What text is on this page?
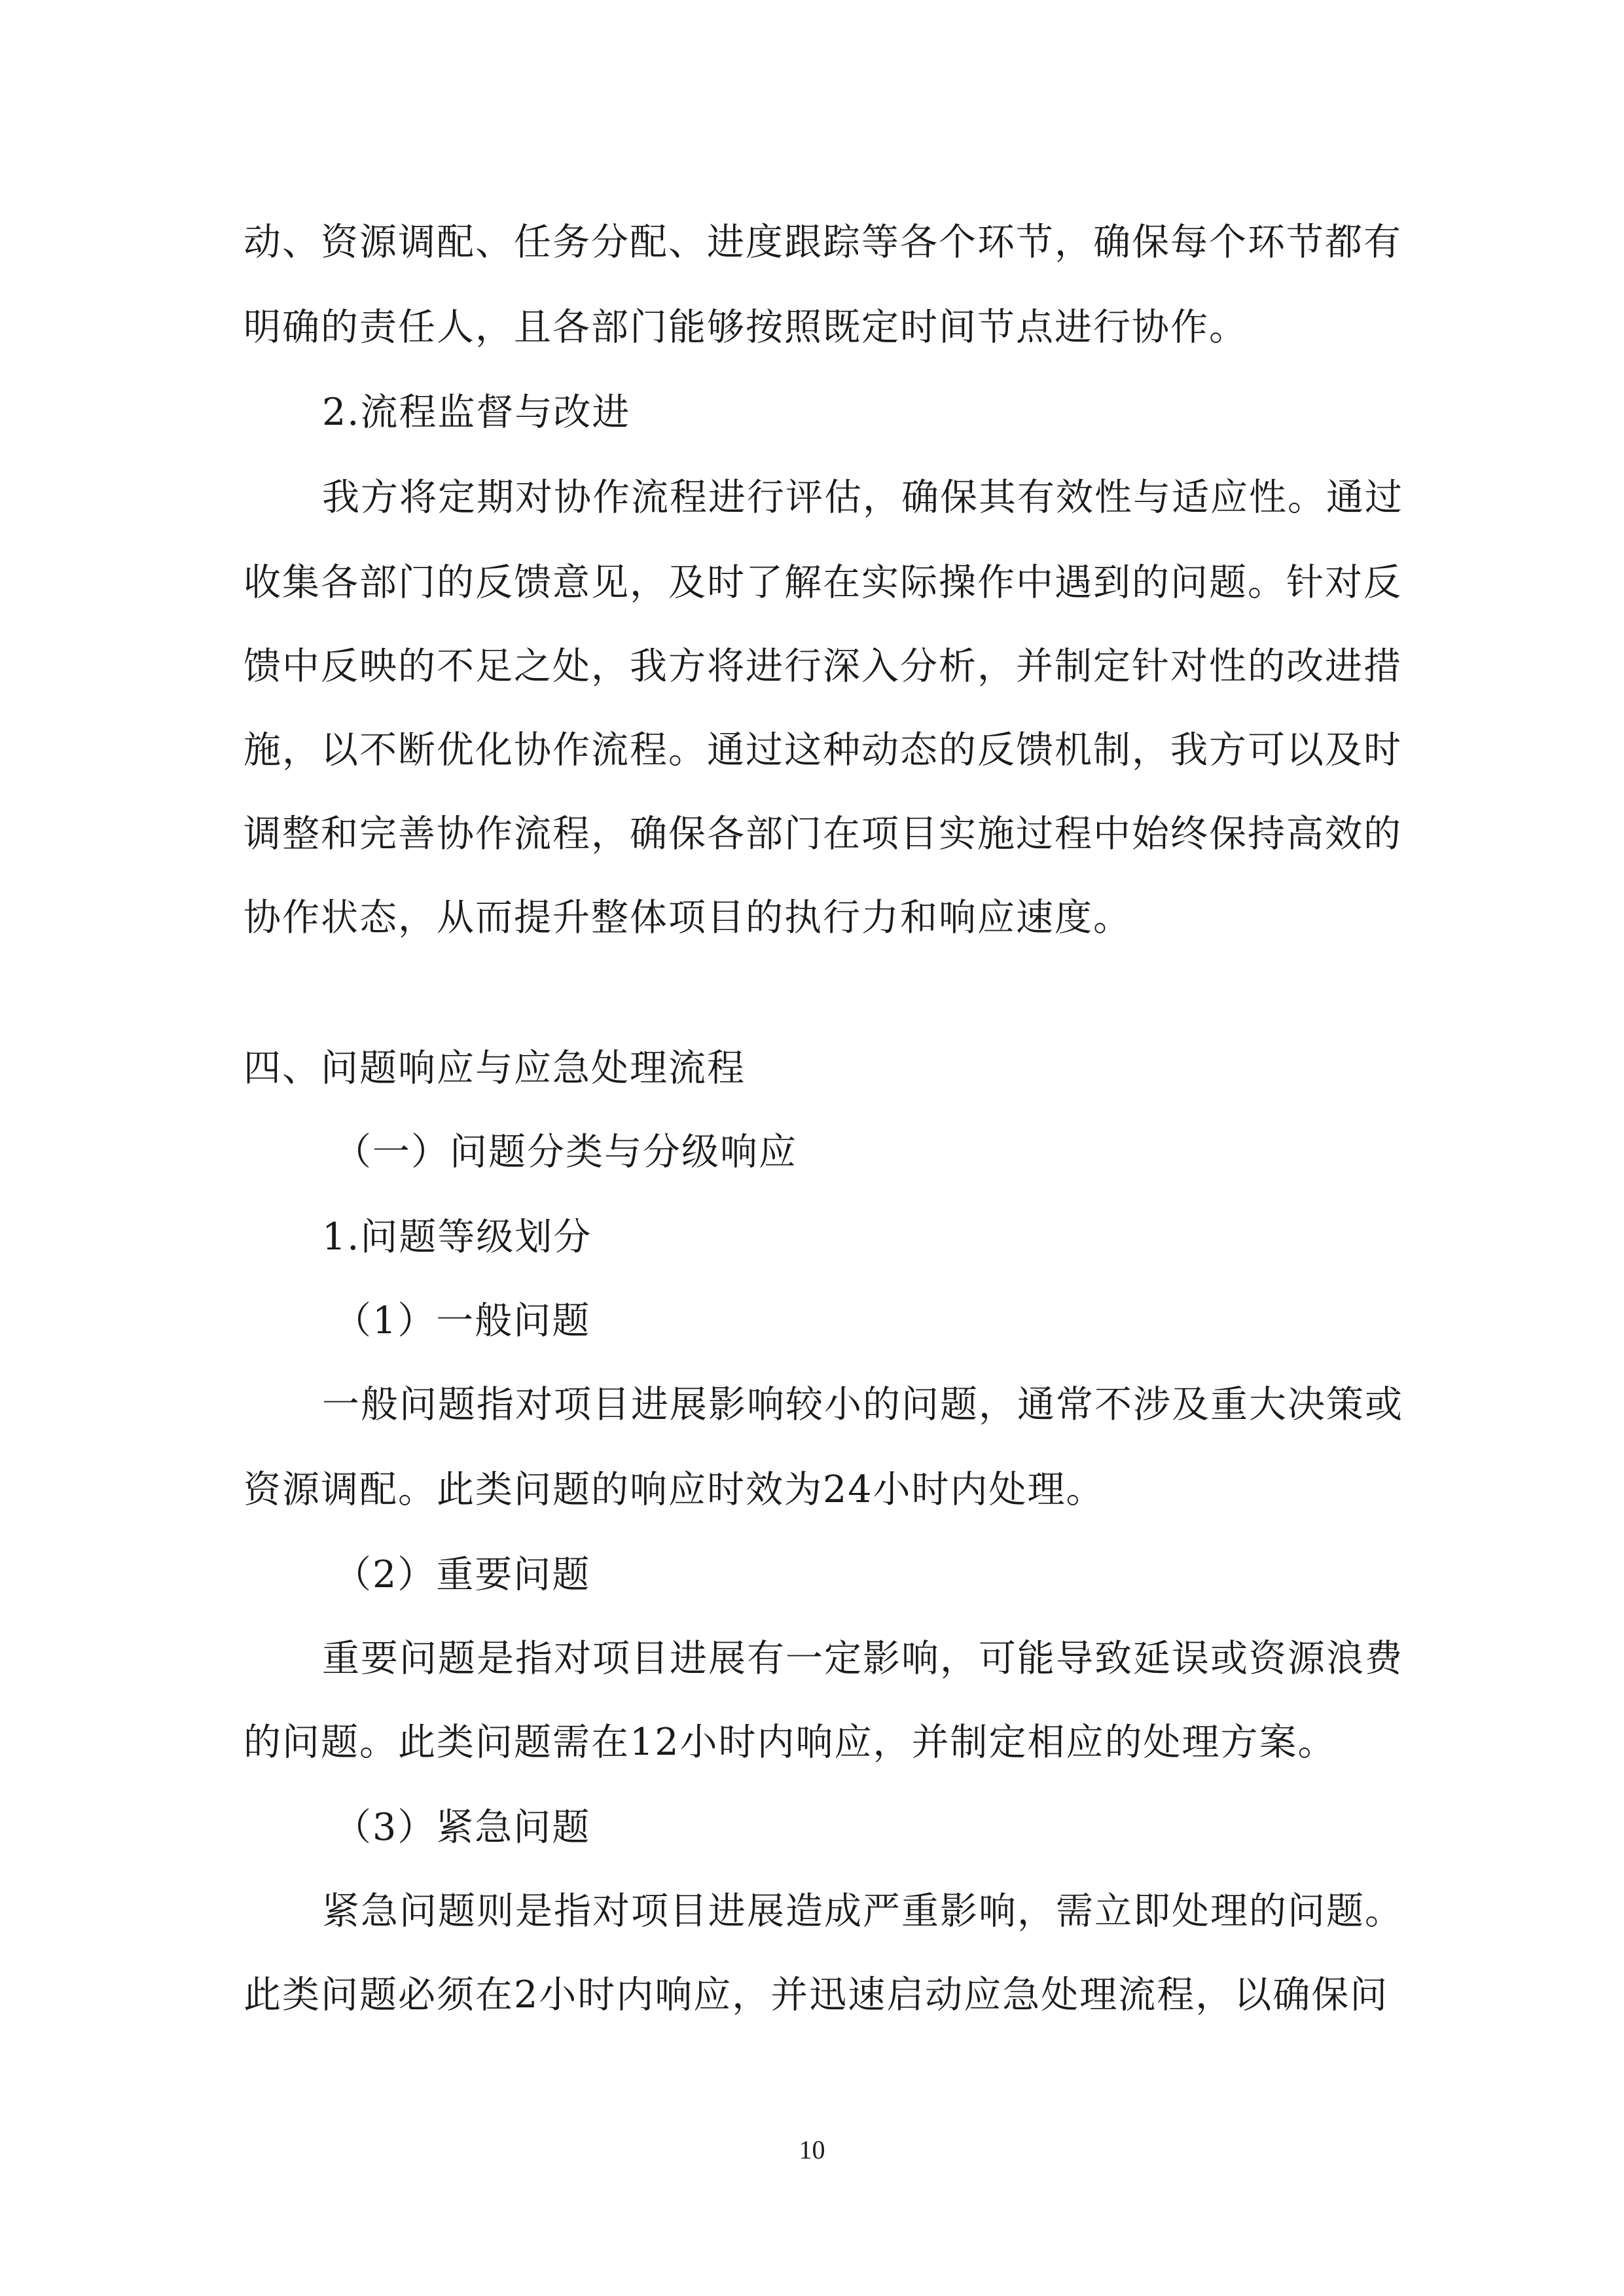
动、资源调配、任务分配、进度跟踪等各个环节，确保每个环节都有
明确的责任人，且各部门能够按照既定时间节点进行协作。
2.流程监督与改进
我方将定期对协作流程进行评估，确保其有效性与适应性。通过
收集各部门的反馈意见，及时了解在实际操作中遇到的问题。针对反
馈中反映的不足之处，我方将进行深入分析，并制定针对性的改进措
施，以不断优化协作流程。通过这种动态的反馈机制，我方可以及时
调整和完善协作流程，确保各部门在项目实施过程中始终保持高效的
协作状态，从而提升整体项目的执行力和响应速度。
四、问题响应与应急处理流程
（一）问题分类与分级响应
1.问题等级划分
（1）一般问题
一般问题指对项目进展影响较小的问题，通常不涉及重大决策或
资源调配。此类问题的响应时效为24小时内处理。
（2）重要问题
重要问题是指对项目进展有一定影响，可能导致延误或资源浪费
的问题。此类问题需在12小时内响应，并制定相应的处理方案。
（3）紧急问题
紧急问题则是指对项目进展造成严重影响，需立即处理的问题。
此类问题必须在2小时内响应，并迅速启动应急处理流程，以确保问
10
